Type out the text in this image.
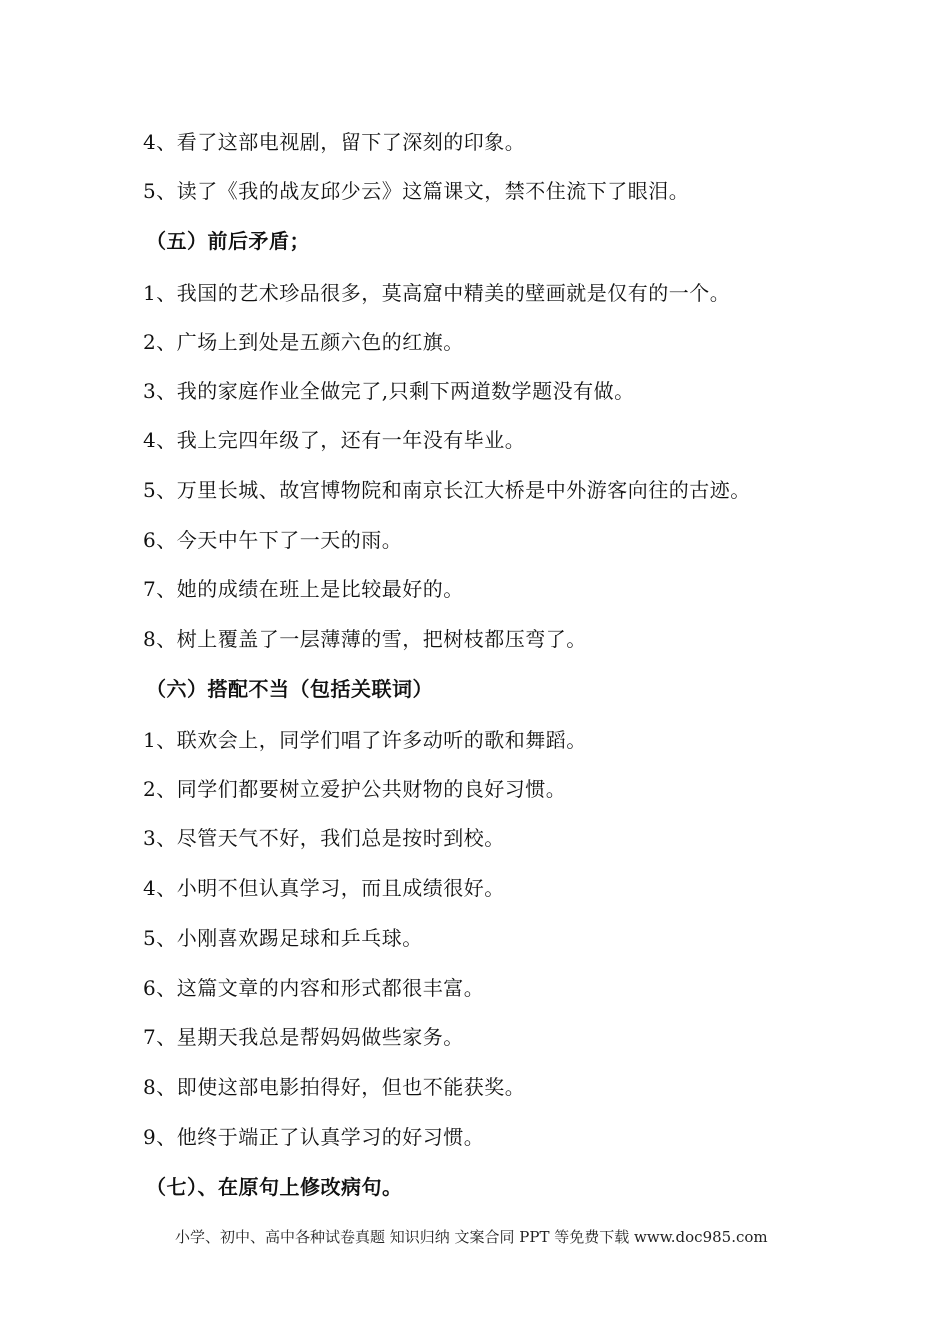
4、看了这部电视剧，留下了深刻的印象。
5、读了《我的战友邱少云》这篇课文，禁不住流下了眼泪。
（五）前后矛盾；
1、我国的艺术珍品很多，莫高窟中精美的壁画就是仅有的一个。
2、广场上到处是五颜六色的红旗。
3、我的家庭作业全做完了,只剩下两道数学题没有做。
4、我上完四年级了，还有一年没有毕业。
5、万里长城、故宫博物院和南京长江大桥是中外游客向往的古迹。
6、今天中午下了一天的雨。
7、她的成绩在班上是比较最好的。
8、树上覆盖了一层薄薄的雪，把树枝都压弯了。
（六）搭配不当（包括关联词）
1、联欢会上，同学们唱了许多动听的歌和舞蹈。
2、同学们都要树立爱护公共财物的良好习惯。
3、尽管天气不好，我们总是按时到校。
4、小明不但认真学习，而且成绩很好。
5、小刚喜欢踢足球和乒乓球。
6、这篇文章的内容和形式都很丰富。
7、星期天我总是帮妈妈做些家务。
8、即使这部电影拍得好，但也不能获奖。
9、他终于端正了认真学习的好习惯。
（七）、在原句上修改病句。
小学、初中、高中各种试卷真题 知识归纳 文案合同 PPT 等免费下载 www.doc985.com
